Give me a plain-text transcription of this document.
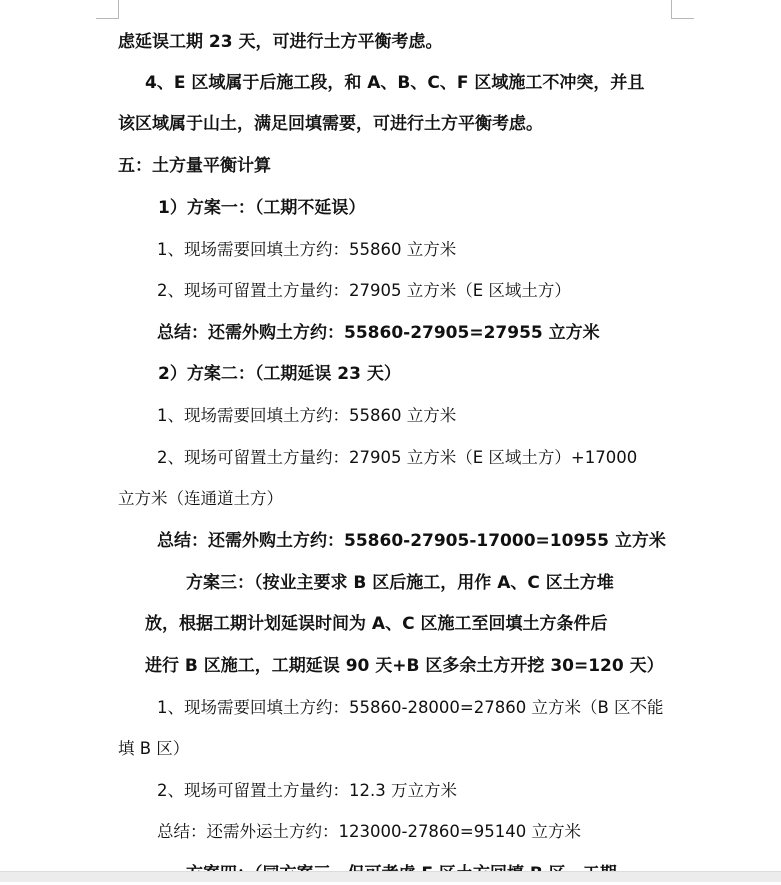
虑延误工期 23 天，可进行土方平衡考虑。
4、E 区域属于后施工段，和 A、B、C、F 区域施工不冲突，并且
该区域属于山土，满足回填需要，可进行土方平衡考虑。
五：土方量平衡计算
1）方案一：（工期不延误）
1、现场需要回填土方约：55860 立方米
2、现场可留置土方量约：27905 立方米（E 区域土方）
总结：还需外购土方约：55860-27905=27955 立方米
2）方案二：（工期延误 23 天）
1、现场需要回填土方约：55860 立方米
2、现场可留置土方量约：27905 立方米（E 区域土方）+17000
立方米（连通道土方）
总结：还需外购土方约：55860-27905-17000=10955 立方米
方案三：（按业主要求 B 区后施工，用作 A、C 区土方堆
放，根据工期计划延误时间为 A、C 区施工至回填土方条件后
进行 B 区施工，工期延误 90 天+B 区多余土方开挖 30=120 天）
1、现场需要回填土方约：55860-28000=27860 立方米（B 区不能
填 B 区）
2、现场可留置土方量约：12.3 万立方米
总结：还需外运土方约：123000-27860=95140 立方米
